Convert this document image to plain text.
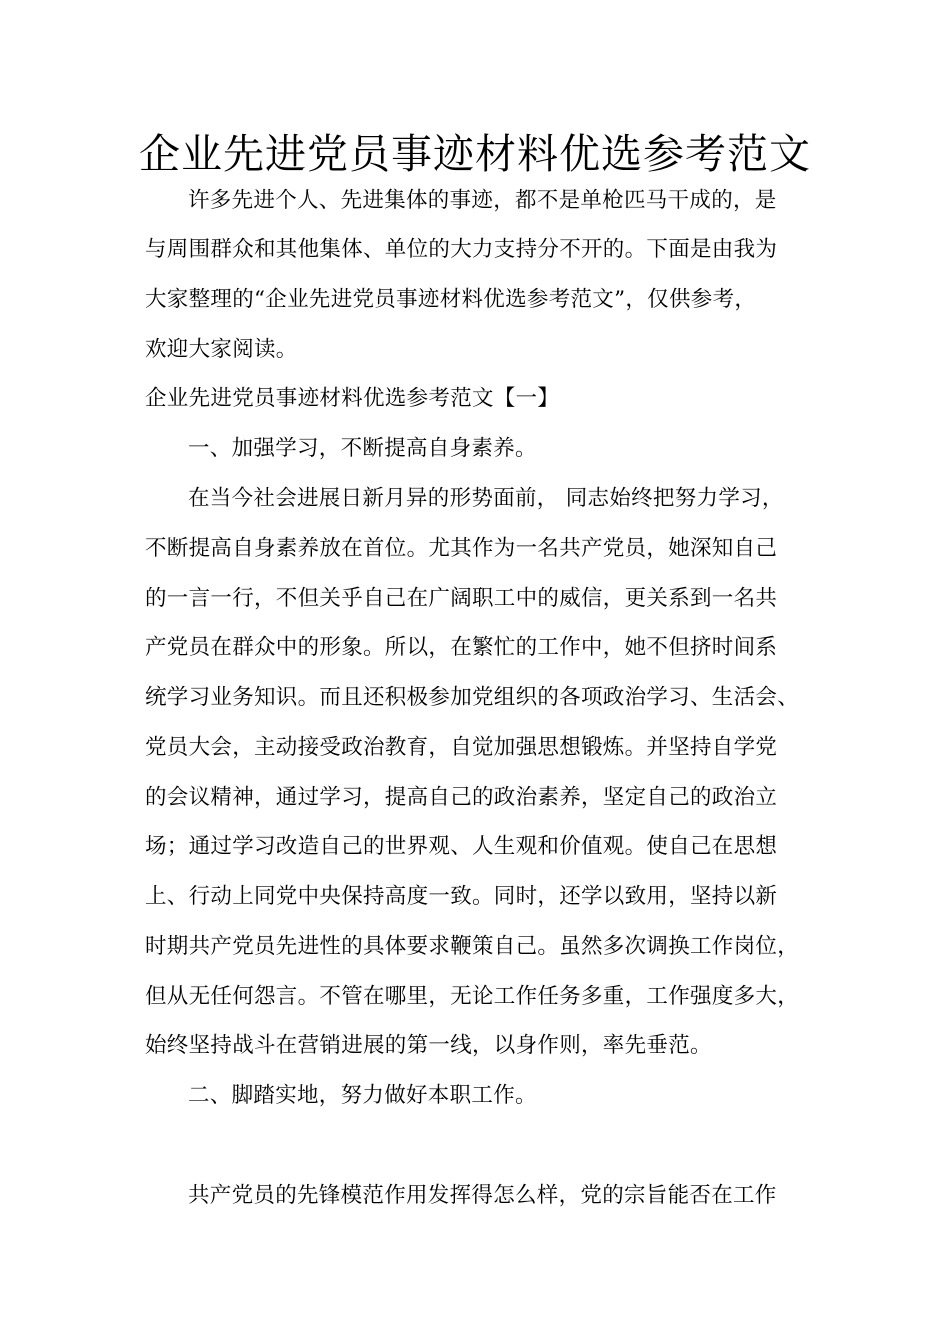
企业先进党员事迹材料优选参考范文

许多先进个人、先进集体的事迹，都不是单枪匹马干成的，是

与周围群众和其他集体、单位的大力支持分不开的。下面是由我为

大家整理的“企业先进党员事迹材料优选参考范文”，仅供参考，

欢迎大家阅读。

企业先进党员事迹材料优选参考范文【一】

一、加强学习，不断提高自身素养。

在当今社会进展日新月异的形势面前， 同志始终把努力学习，

不断提高自身素养放在首位。尤其作为一名共产党员，她深知自己

的一言一行，不但关乎自己在广阔职工中的威信，更关系到一名共

产党员在群众中的形象。所以，在繁忙的工作中，她不但挤时间系

统学习业务知识。而且还积极参加党组织的各项政治学习、生活会、

党员大会，主动接受政治教育，自觉加强思想锻炼。并坚持自学党

的会议精神，通过学习，提高自己的政治素养，坚定自己的政治立

场；通过学习改造自己的世界观、人生观和价值观。使自己在思想

上、行动上同党中央保持高度一致。同时，还学以致用，坚持以新

时期共产党员先进性的具体要求鞭策自己。虽然多次调换工作岗位，

但从无任何怨言。不管在哪里，无论工作任务多重，工作强度多大，

始终坚持战斗在营销进展的第一线，以身作则，率先垂范。

二、脚踏实地，努力做好本职工作。

共产党员的先锋模范作用发挥得怎么样，党的宗旨能否在工作
